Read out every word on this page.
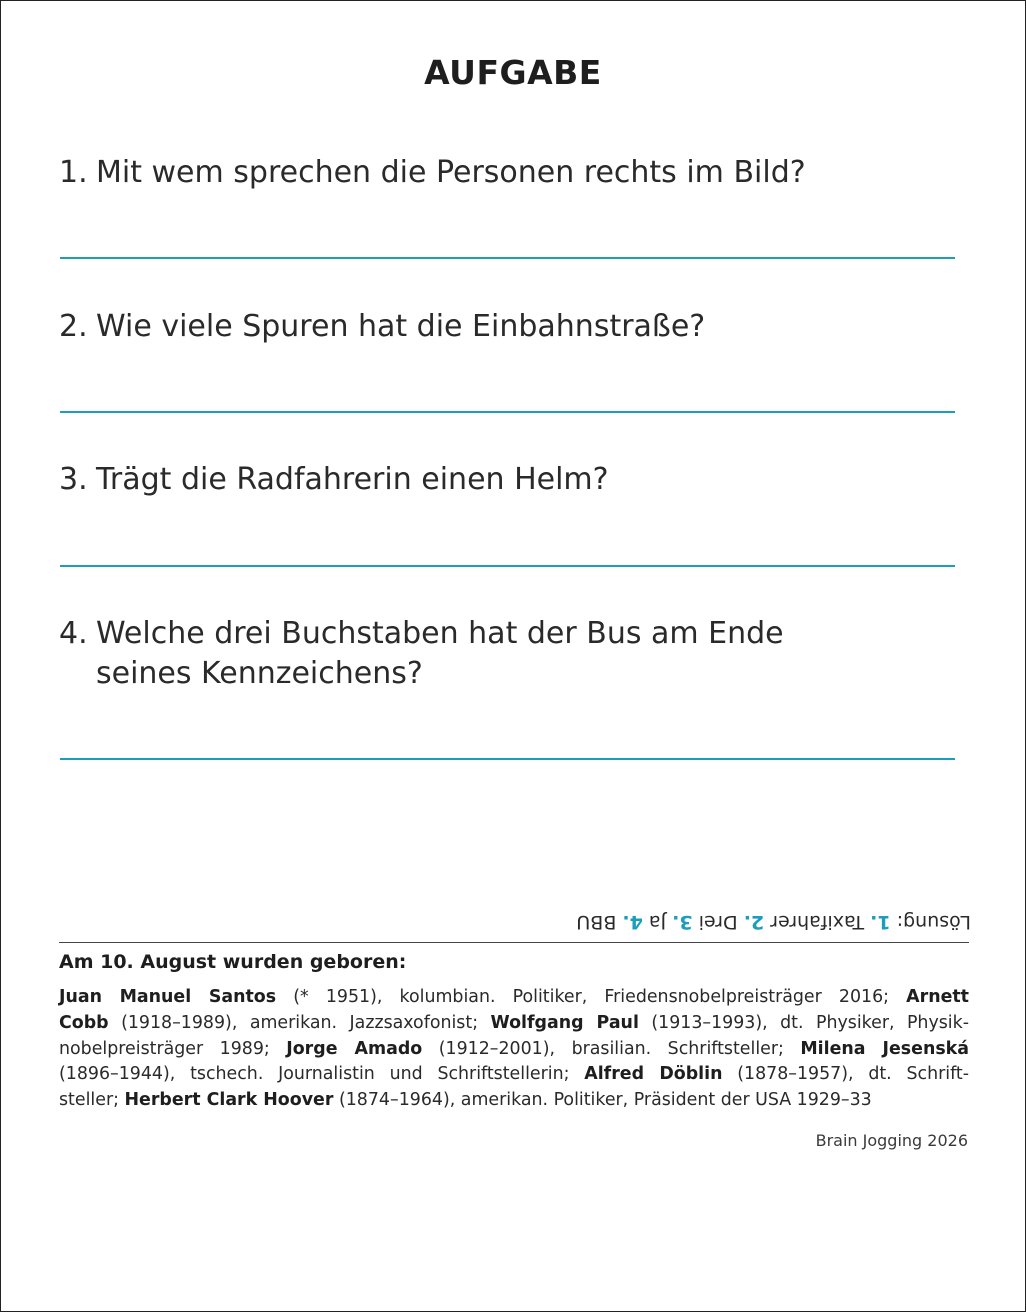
AUFGABE
1. Mit wem sprechen die Personen rechts im Bild?
2. Wie viele Spuren hat die Einbahnstraße?
3. Trägt die Radfahrerin einen Helm?
4. Welche drei Buchstaben hat der Bus am Ende
seines Kennzeichens?
Lösung: 1. Taxifahrer 2. Drei 3. Ja 4. BBU
Am 10. August wurden geboren:
Juan Manuel Santos (* 1951), kolumbian. Politiker, Friedensnobelpreisträger 2016; Arnett
Cobb (1918–1989), amerikan. Jazzsaxofonist; Wolfgang Paul (1913–1993), dt. Physiker, Physik-
nobelpreisträger 1989; Jorge Amado (1912–2001), brasilian. Schriftsteller; Milena Jesenská
(1896–1944), tschech. Journalistin und Schriftstellerin; Alfred Döblin (1878–1957), dt. Schrift-
steller; Herbert Clark Hoover (1874–1964), amerikan. Politiker, Präsident der USA 1929–33
Brain Jogging 2026
